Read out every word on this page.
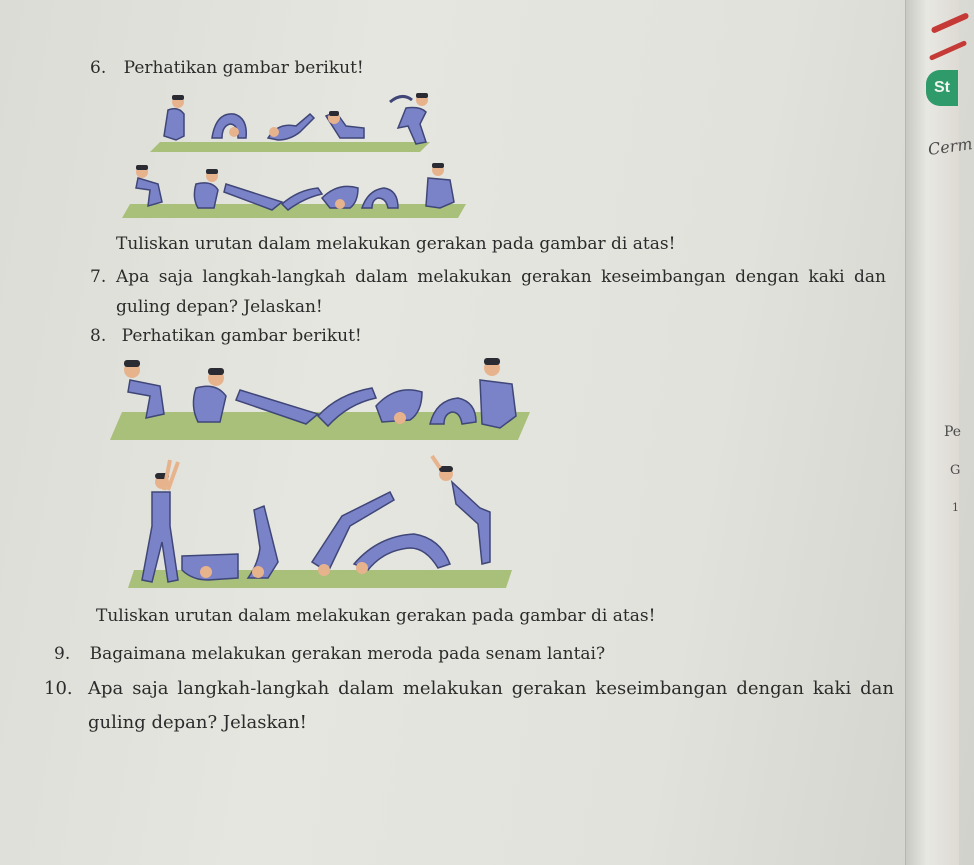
St
Cerm
Pe
G
1
6. Perhatikan gambar berikut!
Tuliskan urutan dalam melakukan gerakan pada gambar di atas!
7. Apa saja langkah-langkah dalam melakukan gerakan keseimbangan dengan kaki dan guling depan? Jelaskan!
8. Perhatikan gambar berikut!
Tuliskan urutan dalam melakukan gerakan pada gambar di atas!
9. Bagaimana melakukan gerakan meroda pada senam lantai?
10. Apa saja langkah-langkah dalam melakukan gerakan keseimbangan dengan kaki dan guling depan? Jelaskan!
